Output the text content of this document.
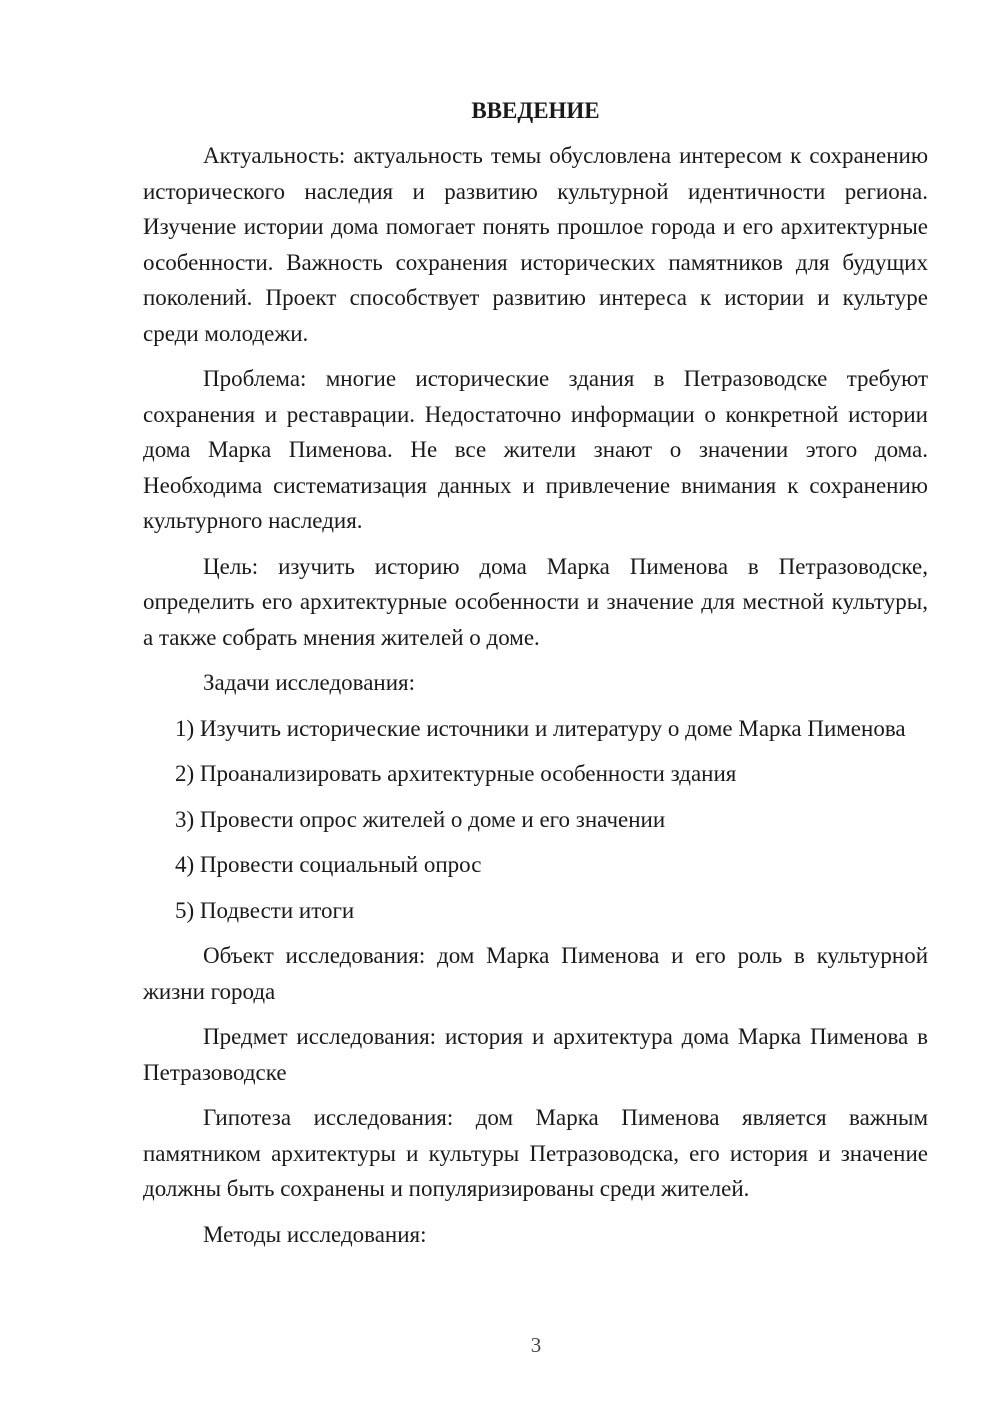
ВВЕДЕНИЕ
Актуальность: актуальность темы обусловлена интересом к сохранению исторического наследия и развитию культурной идентичности региона. Изучение истории дома помогает понять прошлое города и его архитектурные особенности. Важность сохранения исторических памятников для будущих поколений. Проект способствует развитию интереса к истории и культуре среди молодежи.
Проблема: многие исторические здания в Петразоводске требуют сохранения и реставрации. Недостаточно информации о конкретной истории дома Марка Пименова. Не все жители знают о значении этого дома. Необходима систематизация данных и привлечение внимания к сохранению культурного наследия.
Цель: изучить историю дома Марка Пименова в Петразоводске, определить его архитектурные особенности и значение для местной культуры, а также собрать мнения жителей о доме.
Задачи исследования:
1) Изучить исторические источники и литературу о доме Марка Пименова
2) Проанализировать архитектурные особенности здания
3) Провести опрос жителей о доме и его значении
4) Провести социальный опрос
5) Подвести итоги
Объект исследования: дом Марка Пименова и его роль в культурной жизни города
Предмет исследования: история и архитектура дома Марка Пименова в Петразоводске
Гипотеза исследования: дом Марка Пименова является важным памятником архитектуры и культуры Петразоводска, его история и значение должны быть сохранены и популяризированы среди жителей.
Методы исследования:
3
